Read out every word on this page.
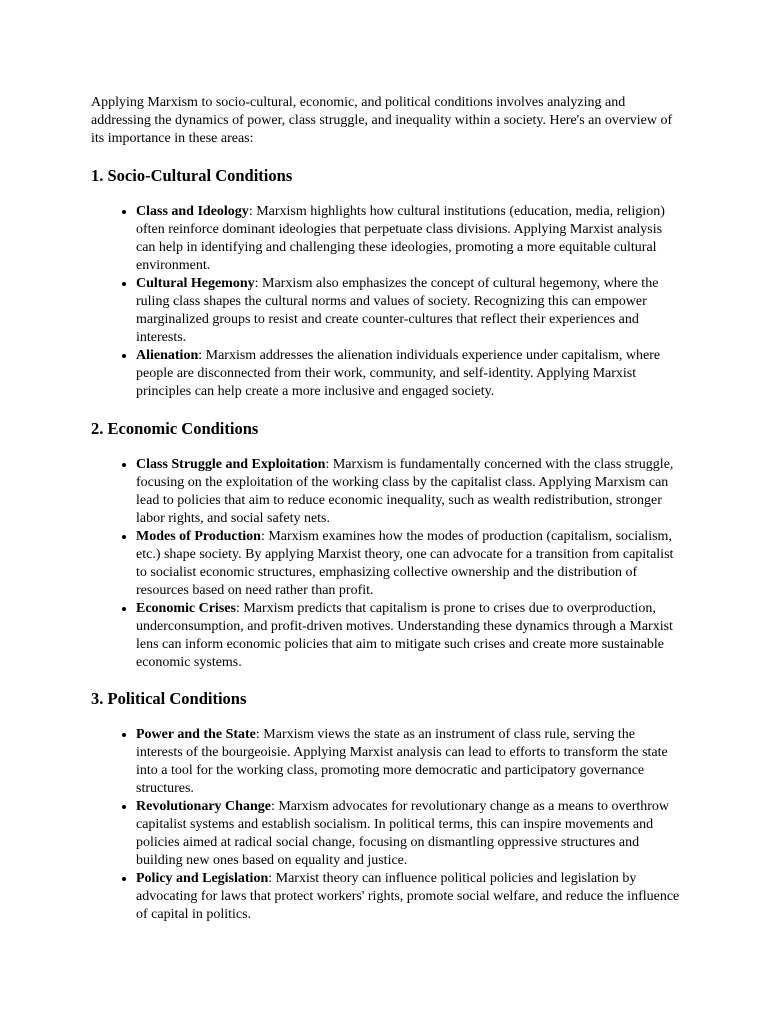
Applying Marxism to socio-cultural, economic, and political conditions involves analyzing and addressing the dynamics of power, class struggle, and inequality within a society. Here's an overview of its importance in these areas:

1. Socio-Cultural Conditions
• Class and Ideology: Marxism highlights how cultural institutions (education, media, religion) often reinforce dominant ideologies that perpetuate class divisions. Applying Marxist analysis can help in identifying and challenging these ideologies, promoting a more equitable cultural environment.
• Cultural Hegemony: Marxism also emphasizes the concept of cultural hegemony, where the ruling class shapes the cultural norms and values of society. Recognizing this can empower marginalized groups to resist and create counter-cultures that reflect their experiences and interests.
• Alienation: Marxism addresses the alienation individuals experience under capitalism, where people are disconnected from their work, community, and self-identity. Applying Marxist principles can help create a more inclusive and engaged society.
2. Economic Conditions
• Class Struggle and Exploitation: Marxism is fundamentally concerned with the class struggle, focusing on the exploitation of the working class by the capitalist class. Applying Marxism can lead to policies that aim to reduce economic inequality, such as wealth redistribution, stronger labor rights, and social safety nets.
• Modes of Production: Marxism examines how the modes of production (capitalism, socialism, etc.) shape society. By applying Marxist theory, one can advocate for a transition from capitalist to socialist economic structures, emphasizing collective ownership and the distribution of resources based on need rather than profit.
• Economic Crises: Marxism predicts that capitalism is prone to crises due to overproduction, underconsumption, and profit-driven motives. Understanding these dynamics through a Marxist lens can inform economic policies that aim to mitigate such crises and create more sustainable economic systems.
3. Political Conditions
• Power and the State: Marxism views the state as an instrument of class rule, serving the interests of the bourgeoisie. Applying Marxist analysis can lead to efforts to transform the state into a tool for the working class, promoting more democratic and participatory governance structures.
• Revolutionary Change: Marxism advocates for revolutionary change as a means to overthrow capitalist systems and establish socialism. In political terms, this can inspire movements and policies aimed at radical social change, focusing on dismantling oppressive structures and building new ones based on equality and justice.
• Policy and Legislation: Marxist theory can influence political policies and legislation by advocating for laws that protect workers' rights, promote social welfare, and reduce the influence of capital in politics.
